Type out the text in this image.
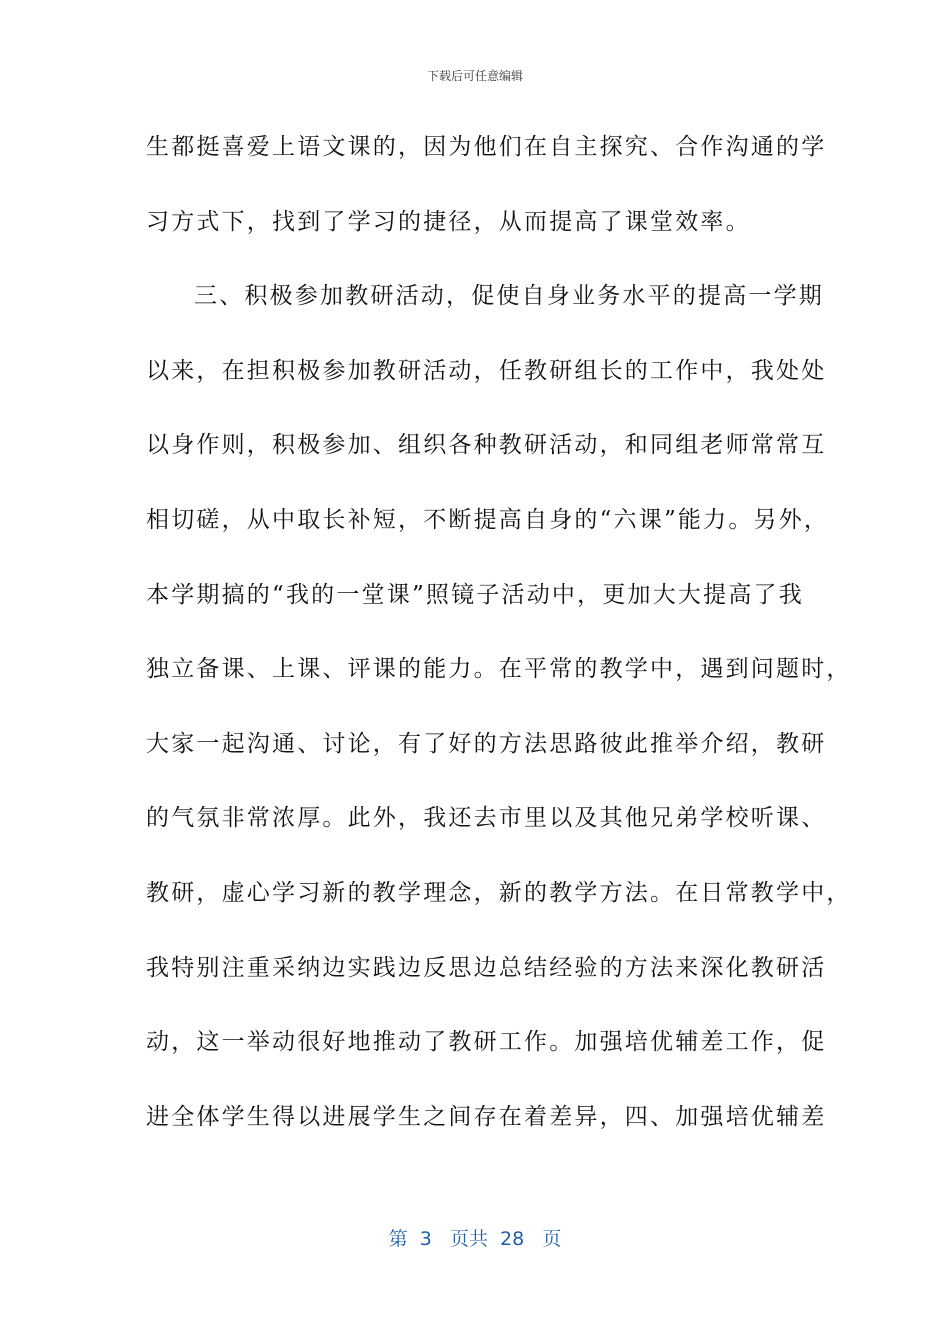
下载后可任意编辑
生都挺喜爱上语文课的，因为他们在自主探究、合作沟通的学
习方式下，找到了学习的捷径，从而提高了课堂效率。
三、积极参加教研活动，促使自身业务水平的提高一学期
以来，在担积极参加教研活动，任教研组长的工作中，我处处
以身作则，积极参加、组织各种教研活动，和同组老师常常互
相切磋，从中取长补短，不断提高自身的“六课”能力。另外，
本学期搞的“我的一堂课”照镜子活动中，更加大大提高了我
独立备课、上课、评课的能力。在平常的教学中，遇到问题时，
大家一起沟通、讨论，有了好的方法思路彼此推举介绍，教研
的气氛非常浓厚。此外，我还去市里以及其他兄弟学校听课、
教研，虚心学习新的教学理念，新的教学方法。在日常教学中，
我特别注重采纳边实践边反思边总结经验的方法来深化教研活
动，这一举动很好地推动了教研工作。加强培优辅差工作，促
进全体学生得以进展学生之间存在着差异，四、加强培优辅差
第  3   页共  28   页
